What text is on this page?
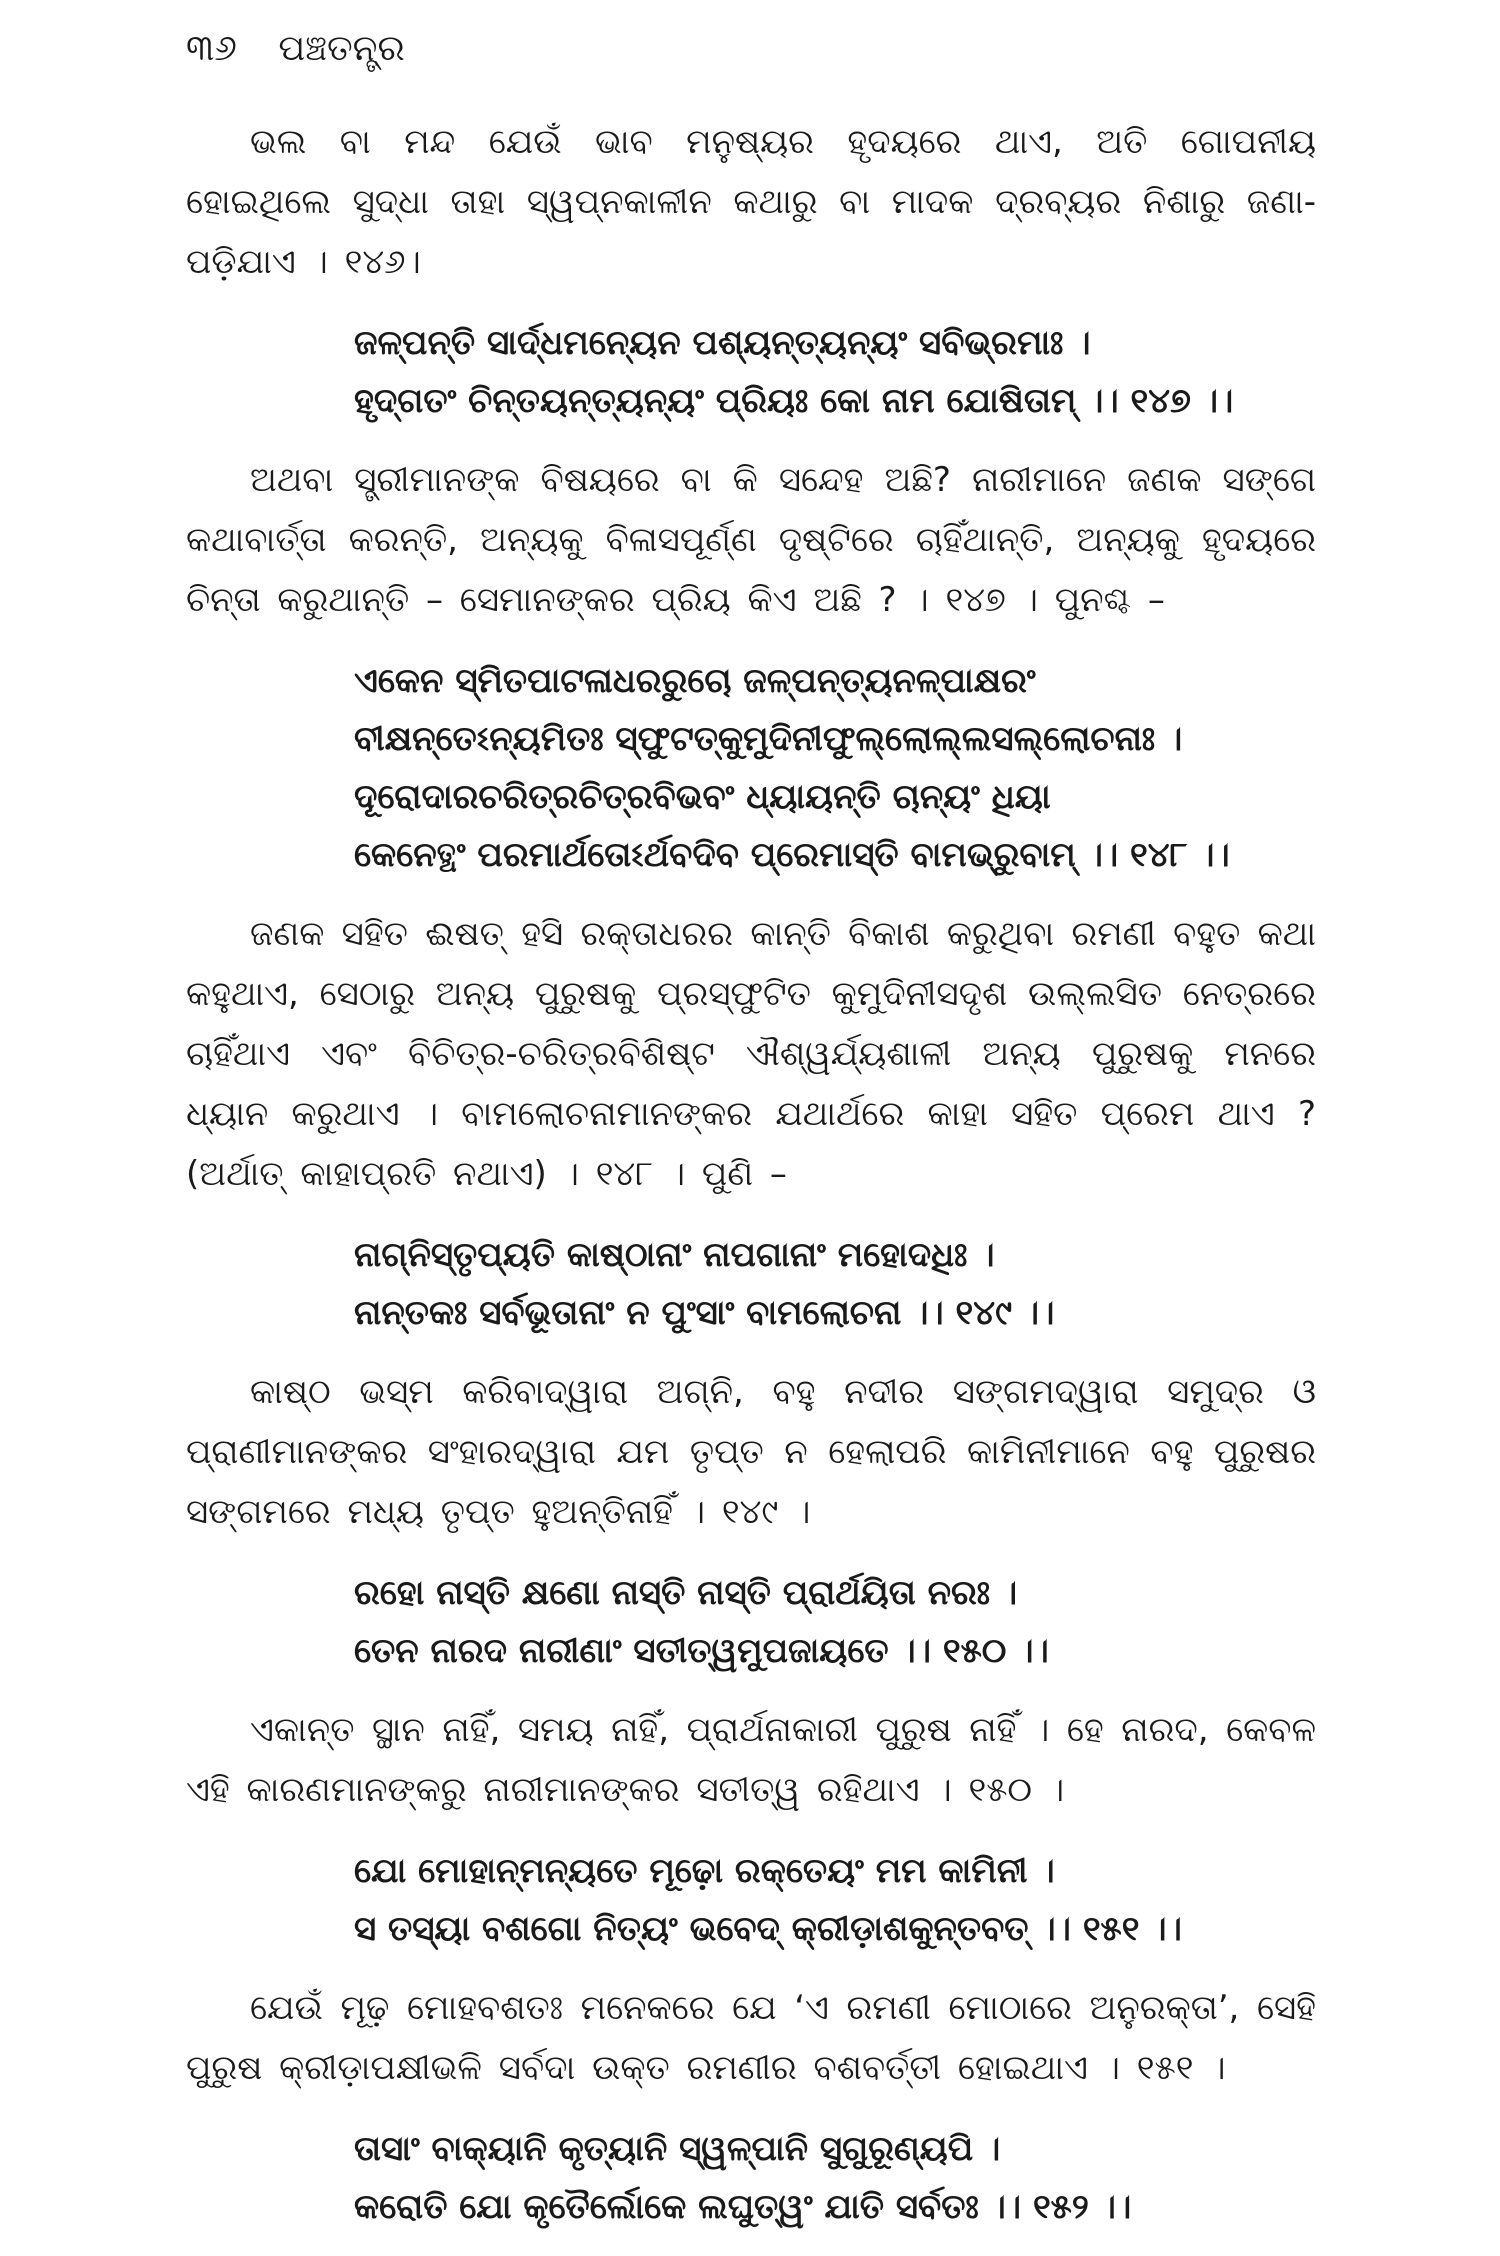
୩୬ ପଞ୍ଚତନ୍ତ୍ର

ଭଲ ବା ମନ୍ଦ ଯେଉଁ ଭାବ ମନୁଷ୍ୟର ହୃଦୟରେ ଥାଏ, ଅତି ଗୋପନୀୟ ହୋଇଥିଲେ ସୁଦ୍ଧା ତାହା ସ୍ୱପ୍ନକାଳୀନ କଥାରୁ ବା ମାଦକ ଦ୍ରବ୍ୟର ନିଶାରୁ ଜଣା-ପଡ଼ିଯାଏ । ୧୪୬।

ଜଳ୍ପନ୍ତି ସାର୍ଦ୍ଧମନ୍ୟେନ ପଶ୍ୟନ୍ତ୍ୟନ୍ୟଂ ସବିଭ୍ରମାଃ ।
ହୃଦ୍‌ଗତଂ ଚିନ୍ତୟନ୍ତ୍ୟନ୍ୟଂ ପ୍ରିୟଃ କୋ ନାମ ଯୋଷିତାମ୍ ।। ୧୪୭ ।।

ଅଥବା ସ୍ତ୍ରୀମାନଙ୍କ ବିଷୟରେ ବା କି ସନ୍ଦେହ ଅଛି? ନାରୀମାନେ ଜଣକ ସଙ୍ଗେ କଥାବାର୍ତ୍ତା କରନ୍ତି, ଅନ୍ୟକୁ ବିଳାସପୂର୍ଣ୍ଣ ଦୃଷ୍ଟିରେ ଚାହିଁଥାନ୍ତି, ଅନ୍ୟକୁ ହୃଦୟରେ ଚିନ୍ତା କରୁଥାନ୍ତି – ସେମାନଙ୍କର ପ୍ରିୟ କିଏ ଅଛି ? । ୧୪୭ । ପୁନଶ୍ଚ –

ଏକେନ ସ୍ମିତପାଟଳାଧରରୁଚୋ ଜଳ୍ପନ୍ତ୍ୟନଳ୍ପାକ୍ଷରଂ
ବୀକ୍ଷନ୍ତେଽନ୍ୟମିତଃ ସ୍ଫୁଟତ୍‌କୁମୁଦିନୀଫୁଲ୍ଲୋଲ୍ଲସଲ୍ଲୋଚନାଃ ।
ଦୂରୋଦାରଚରିତ୍ରଚିତ୍ରବିଭବଂ ଧ୍ୟାୟନ୍ତି ଚାନ୍ୟଂ ଧିୟା
କେନେତ୍ଥଂ ପରମାର୍ଥତୋଽର୍ଥବଦିବ ପ୍ରେମାସ୍ତି ବାମଭ୍ରୁବାମ୍ ।। ୧୪୮ ।।

ଜଣକ ସହିତ ଈଷତ୍ ହସି ରକ୍ତାଧରର କାନ୍ତି ବିକାଶ କରୁଥିବା ରମଣୀ ବହୁତ କଥା କହୁଥାଏ, ସେଠାରୁ ଅନ୍ୟ ପୁରୁଷକୁ ପ୍ରସ୍ଫୁଟିତ କୁମୁଦିନୀସଦୃଶ ଉଲ୍ଲସିତ ନେତ୍ରରେ ଚାହିଁଥାଏ ଏବଂ ବିଚିତ୍ର-ଚରିତ୍ରବିଶିଷ୍ଟ ଐଶ୍ୱର୍ଯ୍ୟଶାଳୀ ଅନ୍ୟ ପୁରୁଷକୁ ମନରେ ଧ୍ୟାନ କରୁଥାଏ । ବାମଲୋଚନାମାନଙ୍କର ଯଥାର୍ଥରେ କାହା ସହିତ ପ୍ରେମ ଥାଏ ? (ଅର୍ଥାତ୍ କାହାପ୍ରତି ନଥାଏ) । ୧୪୮ । ପୁଣି –

ନାଗ୍ନିସ୍ତୃପ୍ୟତି କାଷ୍ଠାନାଂ ନାପଗାନାଂ ମହୋଦଧିଃ ।
ନାନ୍ତକଃ ସର୍ବଭୂତାନାଂ ନ ପୁଂସାଂ ବାମଲୋଚନା ।। ୧୪୯ ।।

କାଷ୍ଠ ଭସ୍ମ କରିବାଦ୍ୱାରା ଅଗ୍ନି, ବହୁ ନଦୀର ସଙ୍ଗମଦ୍ୱାରା ସମୁଦ୍ର ଓ ପ୍ରାଣୀମାନଙ୍କର ସଂହାରଦ୍ୱାରା ଯମ ତୃପ୍ତ ନ ହେଲାପରି କାମିନୀମାନେ ବହୁ ପୁରୁଷର ସଙ୍ଗମରେ ମଧ୍ୟ ତୃପ୍ତ ହୁଅନ୍ତିନାହିଁ । ୧୪୯ ।

ରହୋ ନାସ୍ତି କ୍ଷଣୋ ନାସ୍ତି ନାସ୍ତି ପ୍ରାର୍ଥୟିତା ନରଃ ।
ତେନ ନାରଦ ନାରୀଣାଂ ସତୀତ୍ୱମୁପଜାୟତେ ।। ୧୫୦ ।।

ଏକାନ୍ତ ସ୍ଥାନ ନାହିଁ, ସମୟ ନାହିଁ, ପ୍ରାର୍ଥନାକାରୀ ପୁରୁଷ ନାହିଁ । ହେ ନାରଦ, କେବଳ ଏହି କାରଣମାନଙ୍କରୁ ନାରୀମାନଙ୍କର ସତୀତ୍ୱ ରହିଥାଏ । ୧୫୦ ।

ଯୋ ମୋହାନ୍ମନ୍ୟତେ ମୂଢ଼ୋ ରକ୍ତେୟଂ ମମ କାମିନୀ ।
ସ ତସ୍ୟା ବଶଗୋ ନିତ୍ୟଂ ଭବେଦ୍ କ୍ରୀଡ଼ାଶକୁନ୍ତବତ୍ ।। ୧୫୧ ।।

ଯେଉଁ ମୂଢ଼ ମୋହବଶତଃ ମନେକରେ ଯେ ‘ଏ ରମଣୀ ମୋଠାରେ ଅନୁରକ୍ତା’, ସେହି ପୁରୁଷ କ୍ରୀଡ଼ାପକ୍ଷୀଭଳି ସର୍ବଦା ଉକ୍ତ ରମଣୀର ବଶବର୍ତ୍ତୀ ହୋଇଥାଏ । ୧୫୧ ।

ତାସାଂ ବାକ୍ୟାନି କୃତ୍ୟାନି ସ୍ୱଳ୍ପାନି ସୁଗୁରୂଣ୍ୟପି ।
କରୋତି ଯୋ କୃତୈର୍ଲୋକେ ଲଘୁତ୍ୱଂ ଯାତି ସର୍ବତଃ ।। ୧୫୨ ।।
